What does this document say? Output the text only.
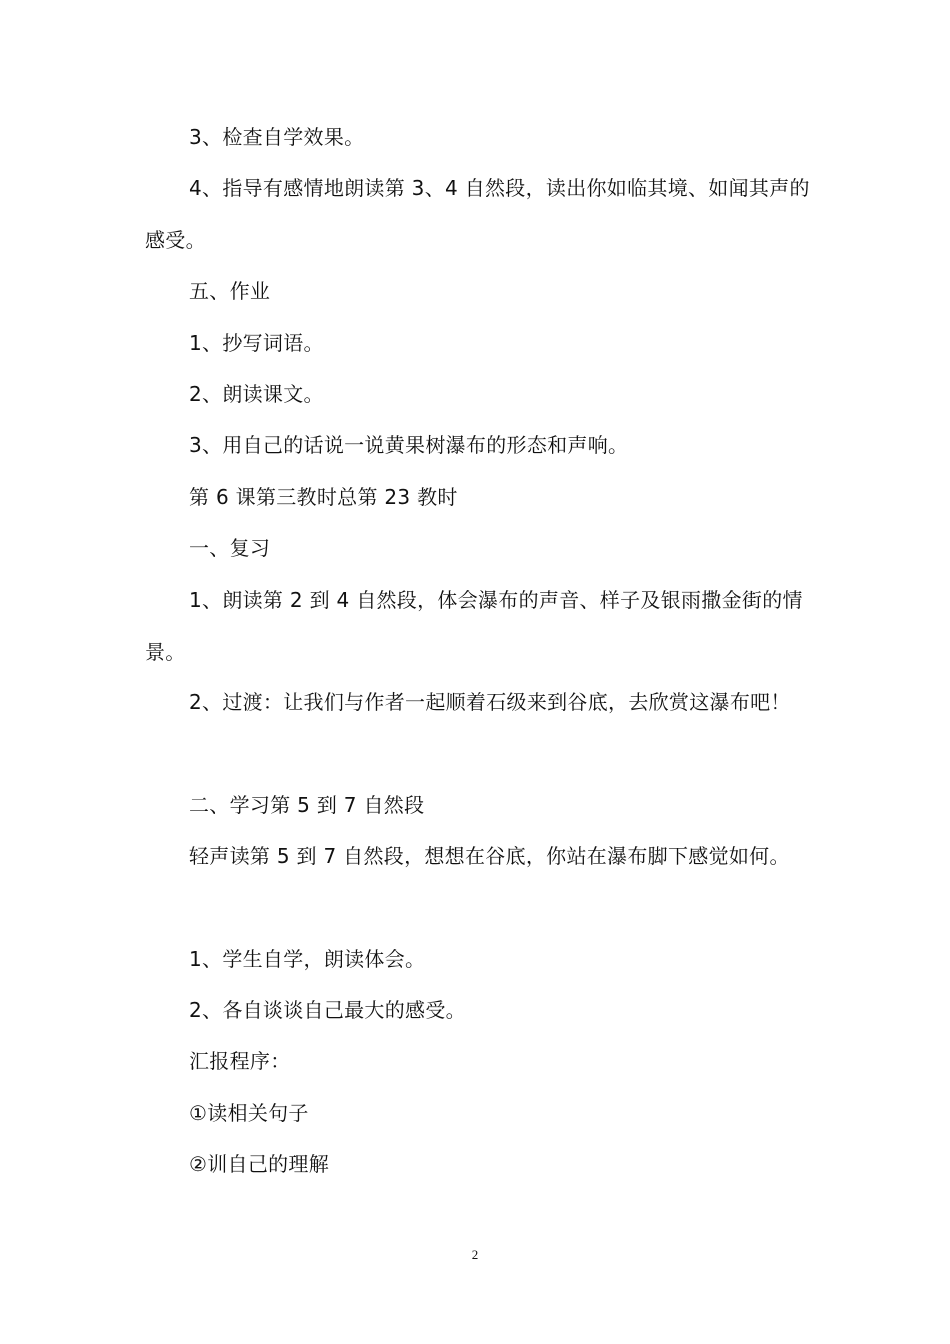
3、检查自学效果。

4、指导有感情地朗读第 3、4 自然段，读出你如临其境、如闻其声的感受。

五、作业

1、抄写词语。

2、朗读课文。

3、用自己的话说一说黄果树瀑布的形态和声响。

第 6 课第三教时总第 23 教时

一、复习

1、朗读第 2 到 4 自然段，体会瀑布的声音、样子及银雨撒金街的情景。

2、过渡：让我们与作者一起顺着石级来到谷底，去欣赏这瀑布吧！

二、学习第 5 到 7 自然段

轻声读第 5 到 7 自然段，想想在谷底，你站在瀑布脚下感觉如何。

1、学生自学，朗读体会。

2、各自谈谈自己最大的感受。

汇报程序：

①读相关句子

②训自己的理解

2
